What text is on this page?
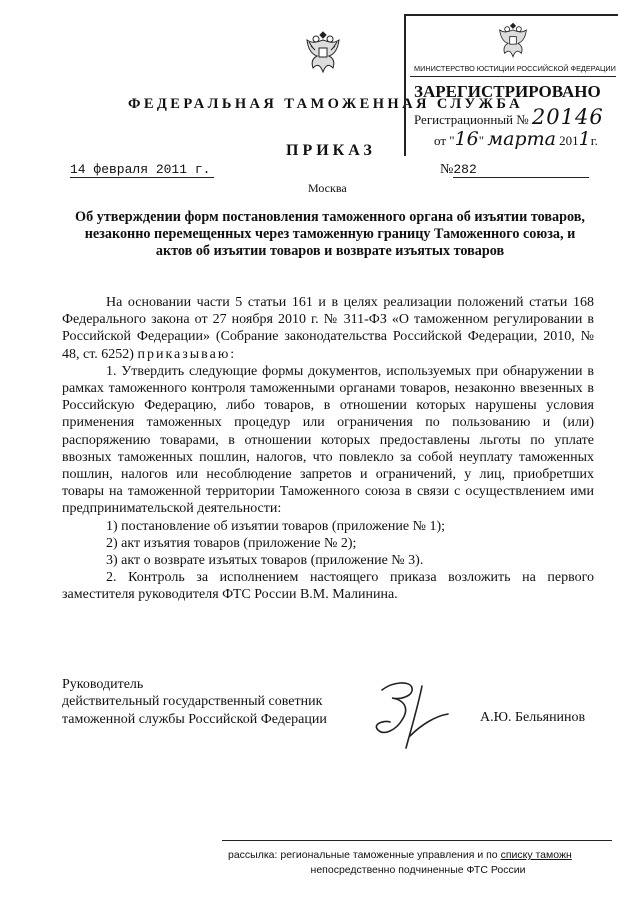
ФЕДЕРАЛЬНАЯ ТАМОЖЕННАЯ СЛУЖБА
МИНИСТЕРСТВО ЮСТИЦИИ РОССИЙСКОЙ ФЕДЕРАЦИИ
ЗАРЕГИСТРИРОВАНО
Регистрационный № 20146
от "16" марта 2011г.
ПРИКАЗ
14 февраля 2011 г.	№282
Москва
Об утверждении форм постановления таможенного органа об изъятии товаров, незаконно перемещенных через таможенную границу Таможенного союза, и актов об изъятии товаров и возврате изъятых товаров

На основании части 5 статьи 161 и в целях реализации положений статьи 168 Федерального закона от 27 ноября 2010 г. № 311-ФЗ «О таможенном регулировании в Российской Федерации» (Собрание законодательства Российской Федерации, 2010, № 48, ст. 6252) приказываю:

1. Утвердить следующие формы документов, используемых при обнаружении в рамках таможенного контроля таможенными органами товаров, незаконно ввезенных в Российскую Федерацию, либо товаров, в отношении которых нарушены условия применения таможенных процедур или ограничения по пользованию и (или) распоряжению товарами, в отношении которых предоставлены льготы по уплате ввозных таможенных пошлин, налогов, что повлекло за собой неуплату таможенных пошлин, налогов или несоблюдение запретов и ограничений, у лиц, приобретших товары на таможенной территории Таможенного союза в связи с осуществлением ими предпринимательской деятельности:

1) постановление об изъятии товаров (приложение № 1);

2) акт изъятия товаров (приложение № 2);

3) акт о возврате изъятых товаров (приложение № 3).

2. Контроль за исполнением настоящего приказа возложить на первого заместителя руководителя ФТС России В.М. Малинина.

Руководитель
действительный государственный советник
таможенной службы Российской Федерации	А.Ю. Бельянинов
рассылка: региональные таможенные управления и по списку таможн
непосредственно подчиненные ФТС России
